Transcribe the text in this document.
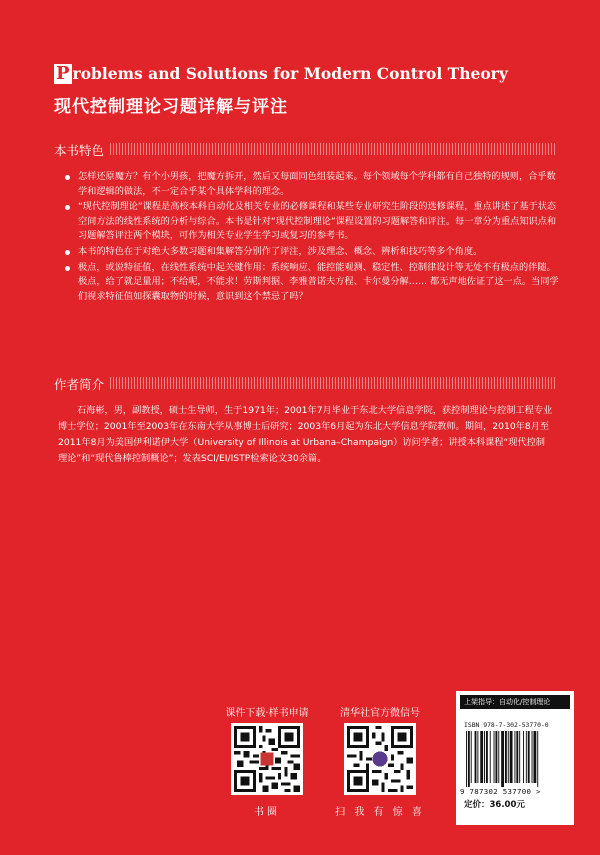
P roblems and Solutions for Modern Control Theory
现代控制理论习题详解与评注
本书特色
怎样还原魔方？有个小男孩，把魔方拆开，然后又每面同色组装起来。每个领域每个学科都有自己独特的规则，合乎数学和逻辑的做法，不一定合乎某个具体学科的理念。
“现代控制理论”课程是高校本科自动化及相关专业的必修课程和某些专业研究生阶段的选修课程，重点讲述了基于状态空间方法的线性系统的分析与综合。本书是针对“现代控制理论”课程设置的习题解答和评注。每一章分为重点知识点和习题解答评注两个模块，可作为相关专业学生学习或复习的参考书。
本书的特色在于对绝大多数习题和集解答分别作了评注，涉及理念、概念、辨析和技巧等多个角度。
极点，或说特征值，在线性系统中起关键作用：系统响应、能控能观测、稳定性、控制律设计等无处不有极点的伴随。极点，给了就足量用；不给呢，不能求！劳斯判据、李雅普诺夫方程、卡尔曼分解…… 都无声地佐证了这一点。当同学们视求特征值如探囊取物的时候，意识到这个禁忌了吗？
作者简介

石海彬，男，副教授，硕士生导师，生于1971年；2001年7月毕业于东北大学信息学院，获控制理论与控制工程专业博士学位；2001年至2003年在东南大学从事博士后研究；2003年6月起为东北大学信息学院教师。期间，2010年8月至2011年8月为美国伊利诺伊大学（University of Illinois at Urbana–Champaign）访问学者；讲授本科课程“现代控制理论”和“现代鲁棒控制概论”；发表SCI/EI/ISTP检索论文30余篇。

课件下载·样书申请
书圈
清华社官方微信号
扫 我 有 惊 喜
上架指导：自动化/控制理论
ISBN 978-7-302-53770-0
9 787302 537700 >
定价：36.00元
